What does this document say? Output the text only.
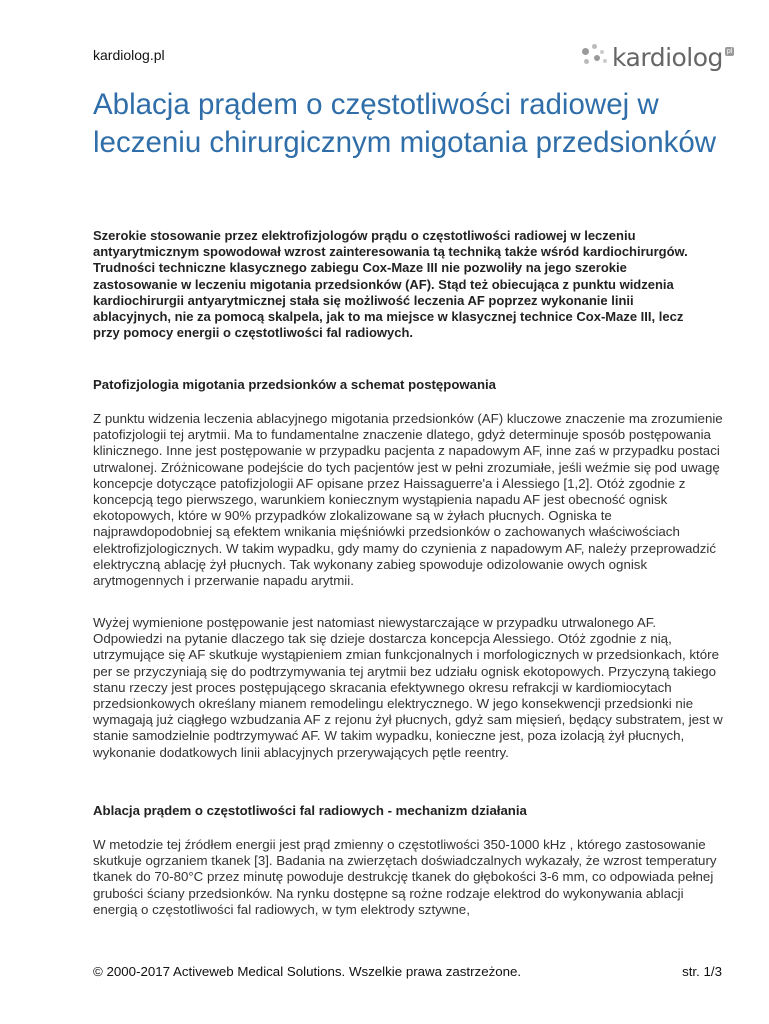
kardiolog.pl	kardiolog pl
Ablacja prądem o częstotliwości radiowej w leczeniu chirurgicznym migotania przedsionków

Szerokie stosowanie przez elektrofizjologów prądu o częstotliwości radiowej w leczeniu antyarytmicznym spowodował wzrost zainteresowania tą techniką także wśród kardiochirurgów. Trudności techniczne klasycznego zabiegu Cox-Maze III nie pozwoliły na jego szerokie zastosowanie w leczeniu migotania przedsionków (AF). Stąd też obiecująca z punktu widzenia kardiochirurgii antyarytmicznej stała się możliwość leczenia AF poprzez wykonanie linii ablacyjnych, nie za pomocą skalpela, jak to ma miejsce w klasycznej technice Cox-Maze III, lecz przy pomocy energii o częstotliwości fal radiowych.

Patofizjologia migotania przedsionków a schemat postępowania

Z punktu widzenia leczenia ablacyjnego migotania przedsionków (AF) kluczowe znaczenie ma zrozumienie patofizjologii tej arytmii. Ma to fundamentalne znaczenie dlatego, gdyż determinuje sposób postępowania klinicznego. Inne jest postępowanie w przypadku pacjenta z napadowym AF, inne zaś w przypadku postaci utrwalonej. Zróżnicowane podejście do tych pacjentów jest w pełni zrozumiałe, jeśli weźmie się pod uwagę koncepcje dotyczące patofizjologii AF opisane przez Haissaguerre'a i Alessiego [1,2]. Otóż zgodnie z koncepcją tego pierwszego, warunkiem koniecznym wystąpienia napadu AF jest obecność ognisk ekotopowych, które w 90% przypadków zlokalizowane są w żyłach płucnych. Ogniska te najprawdopodobniej są efektem wnikania mięśniówki przedsionków o zachowanych właściwościach elektrofizjologicznych. W takim wypadku, gdy mamy do czynienia z napadowym AF, należy przeprowadzić elektryczną ablację żył płucnych. Tak wykonany zabieg spowoduje odizolowanie owych ognisk arytmogennych i przerwanie napadu arytmii.

Wyżej wymienione postępowanie jest natomiast niewystarczające w przypadku utrwalonego AF. Odpowiedzi na pytanie dlaczego tak się dzieje dostarcza koncepcja Alessiego. Otóż zgodnie z nią, utrzymujące się AF skutkuje wystąpieniem zmian funkcjonalnych i morfologicznych w przedsionkach, które per se przyczyniają się do podtrzymywania tej arytmii bez udziału ognisk ekotopowych. Przyczyną takiego stanu rzeczy jest proces postępującego skracania efektywnego okresu refrakcji w kardiomiocytach przedsionkowych określany mianem remodelingu elektrycznego. W jego konsekwencji przedsionki nie wymagają już ciągłego wzbudzania AF z rejonu żył płucnych, gdyż sam mięsień, będący substratem, jest w stanie samodzielnie podtrzymywać AF. W takim wypadku, konieczne jest, poza izolacją żył płucnych, wykonanie dodatkowych linii ablacyjnych przerywających pętle reentry.

Ablacja prądem o częstotliwości fal radiowych - mechanizm działania

W metodzie tej źródłem energii jest prąd zmienny o częstotliwości 350-1000 kHz , którego zastosowanie skutkuje ogrzaniem tkanek [3]. Badania na zwierzętach doświadczalnych wykazały, że wzrost temperatury tkanek do 70-80°C przez minutę powoduje destrukcję tkanek do głębokości 3-6 mm, co odpowiada pełnej grubości ściany przedsionków. Na rynku dostępne są rożne rodzaje elektrod do wykonywania ablacji energią o częstotliwości fal radiowych, w tym elektrody sztywne,

© 2000-2017 Activeweb Medical Solutions. Wszelkie prawa zastrzeżone.	str. 1/3
